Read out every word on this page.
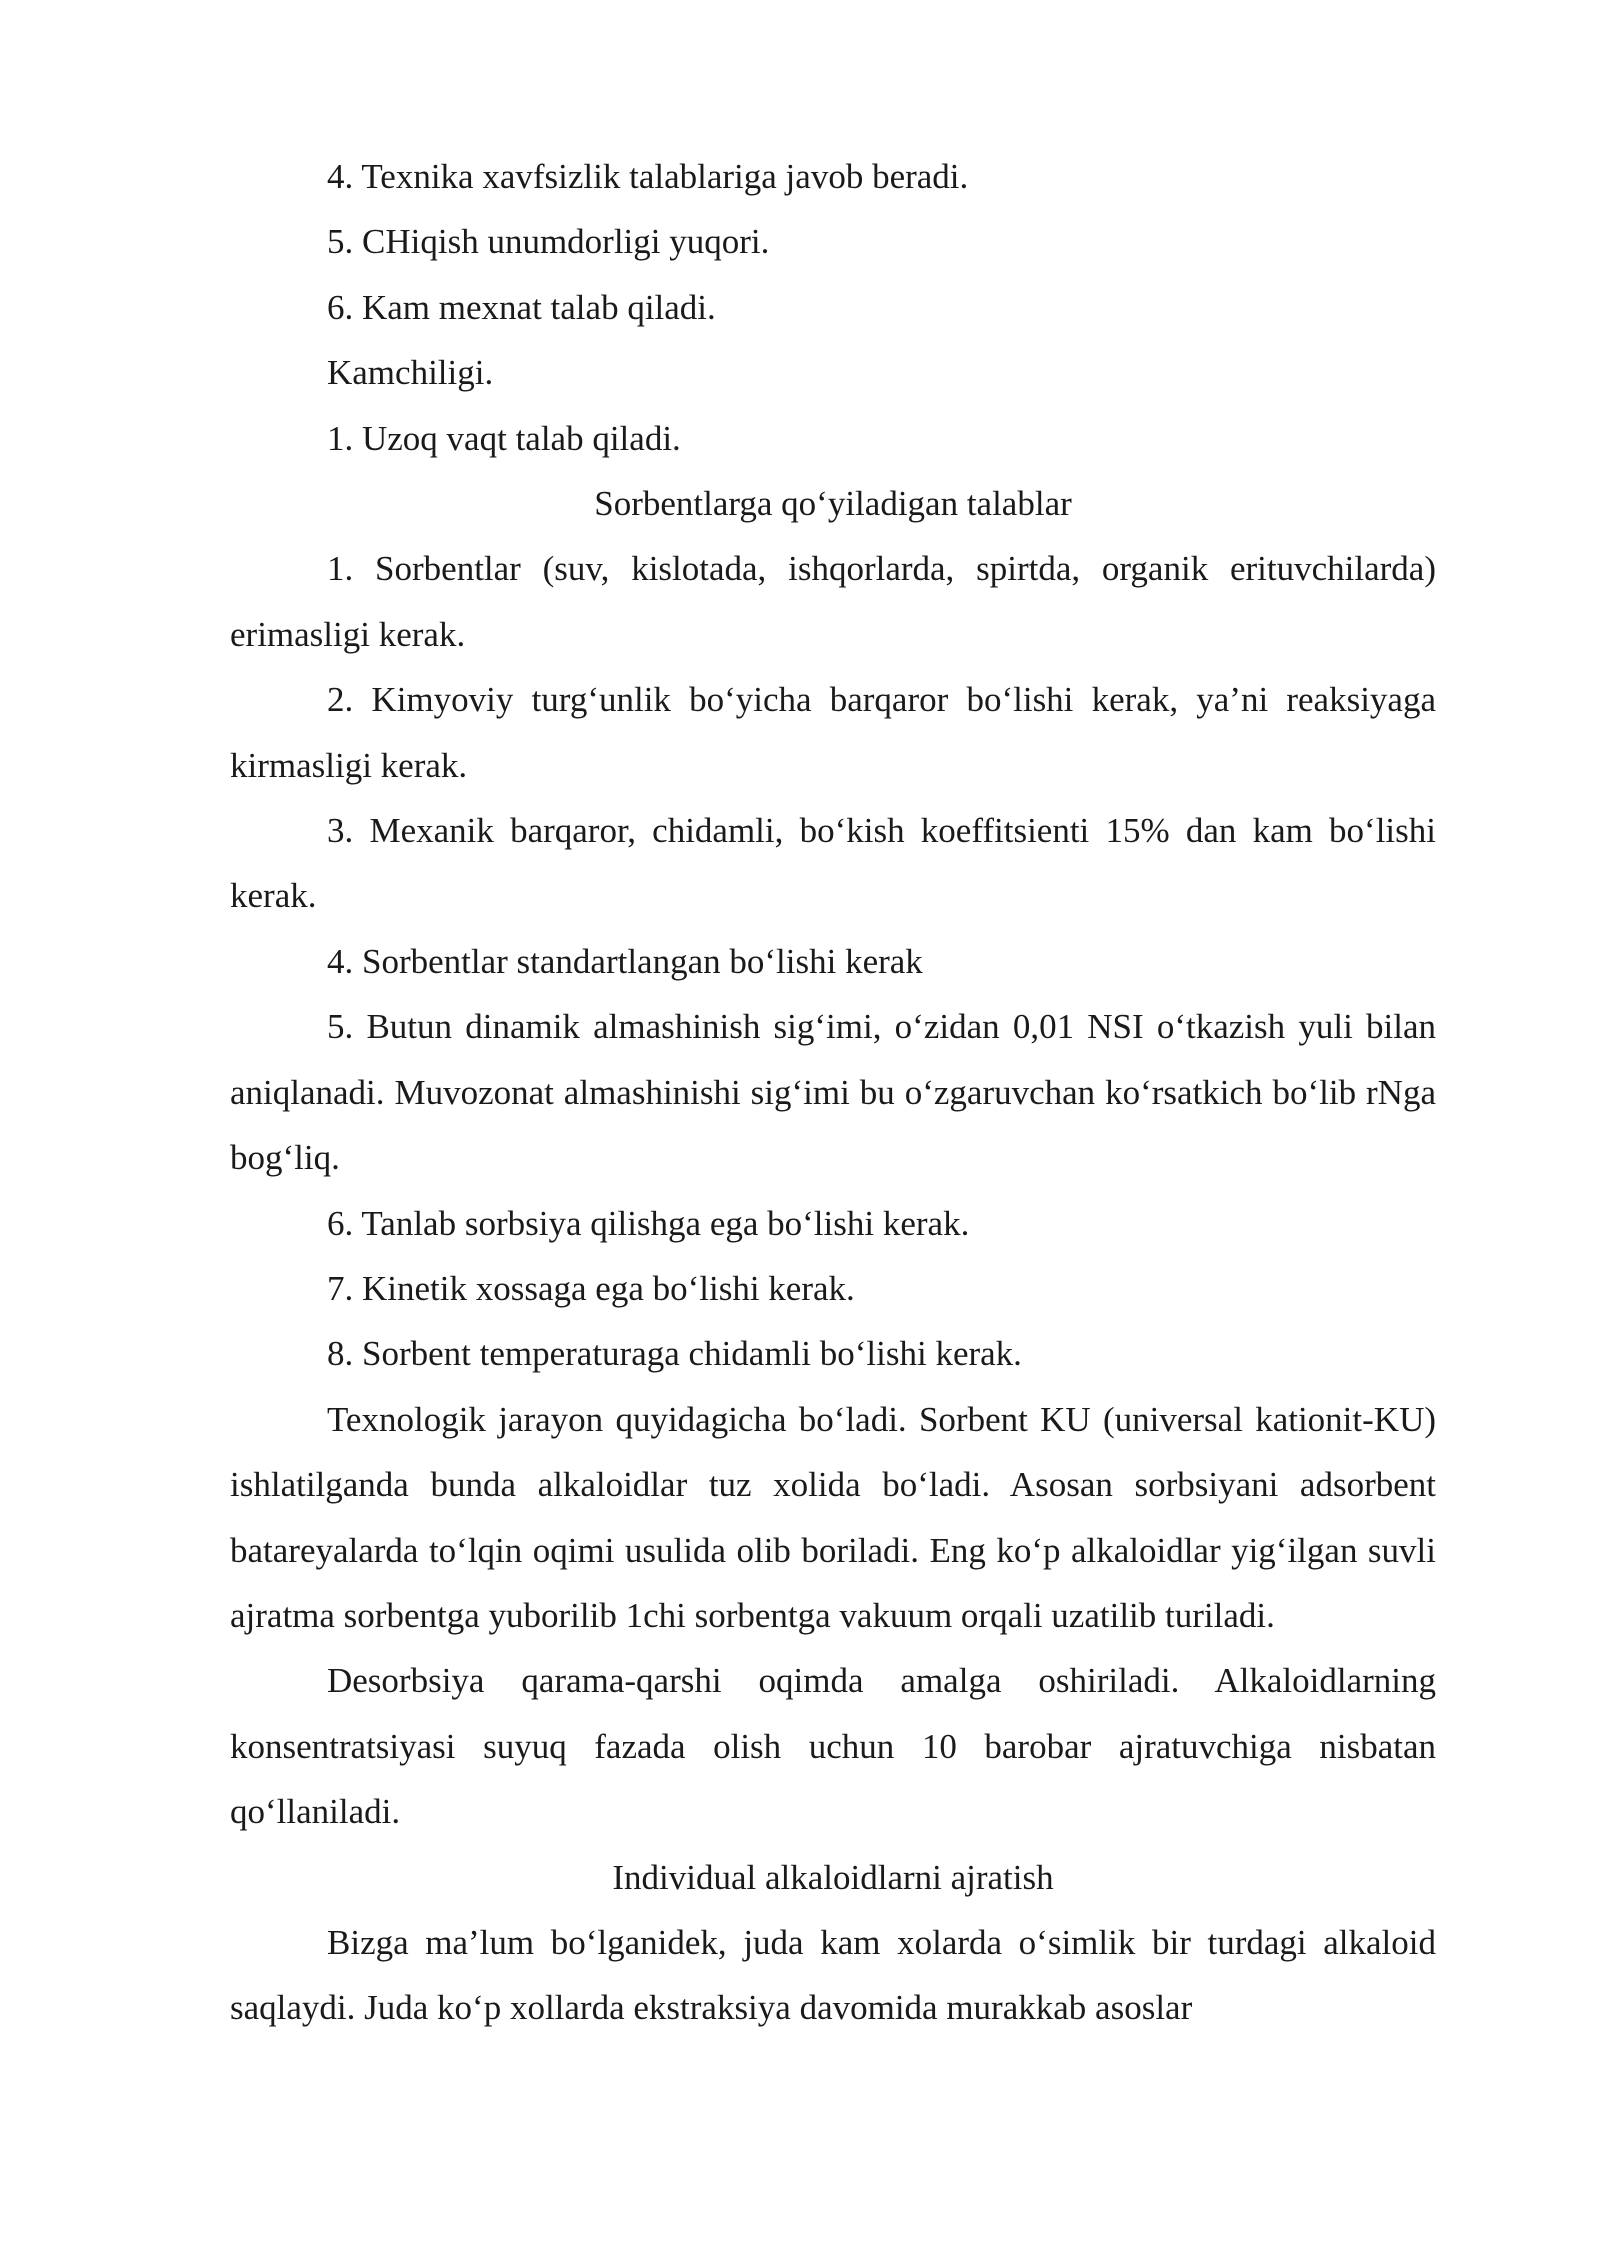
4. Texnika xavfsizlik talablariga javob beradi.

5. CHiqish unumdorligi yuqori.

6. Kam mexnat talab qiladi.

Kamchiligi.

1. Uzoq vaqt talab qiladi.

Sorbentlarga qo‘yiladigan talablar

1. Sorbentlar (suv, kislotada, ishqorlarda, spirtda, organik erituvchilarda) erimasligi kerak.

2. Kimyoviy turg‘unlik bo‘yicha barqaror bo‘lishi kerak, ya’ni reaksiyaga kirmasligi kerak.

3. Mexanik barqaror, chidamli, bo‘kish koeffitsienti 15% dan kam bo‘lishi kerak.

4. Sorbentlar standartlangan bo‘lishi kerak

5. Butun dinamik almashinish sig‘imi, o‘zidan 0,01 NSI o‘tkazish yuli bilan aniqlanadi. Muvozonat almashinishi sig‘imi bu o‘zgaruvchan ko‘rsatkich bo‘lib rNga bog‘liq.

6. Tanlab sorbsiya qilishga ega bo‘lishi kerak.

7. Kinetik xossaga ega bo‘lishi kerak.

8. Sorbent temperaturaga chidamli bo‘lishi kerak.

Texnologik jarayon quyidagicha bo‘ladi. Sorbent KU (universal kationit-KU) ishlatilganda bunda alkaloidlar tuz xolida bo‘ladi. Asosan sorbsiyani adsorbent batareyalarda to‘lqin oqimi usulida olib boriladi. Eng ko‘p alkaloidlar yig‘ilgan suvli ajratma sorbentga yuborilib 1chi sorbentga vakuum orqali uzatilib turiladi.

Desorbsiya qarama-qarshi oqimda amalga oshiriladi. Alkaloidlarning konsentratsiyasi suyuq fazada olish uchun 10 barobar ajratuvchiga nisbatan qo‘llaniladi.

Individual alkaloidlarni ajratish

Bizga ma’lum bo‘lganidek, juda kam xolarda o‘simlik bir turdagi alkaloid saqlaydi. Juda ko‘p xollarda ekstraksiya davomida murakkab asoslar
